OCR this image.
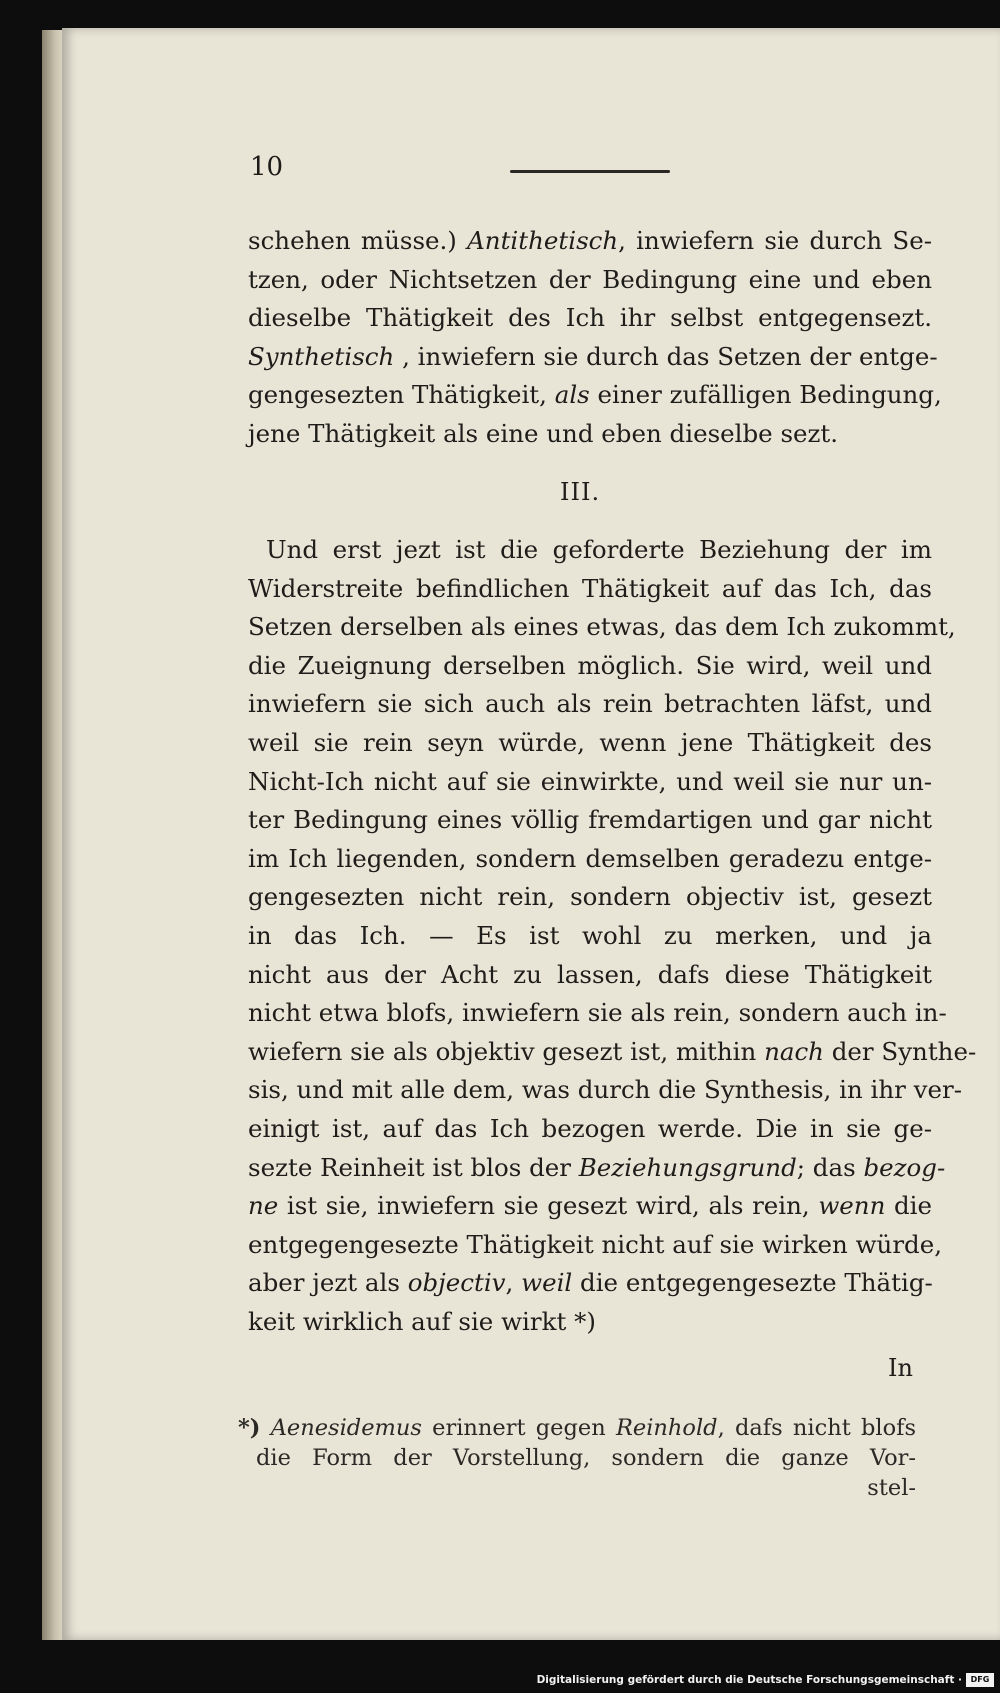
10
schehen müsse.) Antithetisch, inwiefern sie durch Se-
tzen, oder Nichtsetzen der Bedingung eine und eben
dieselbe Thätigkeit des Ich ihr selbst entgegensezt.
Synthetisch , inwiefern sie durch das Setzen der entge-
gengesezten Thätigkeit, als einer zufälligen Bedingung,
jene Thätigkeit als eine und eben dieselbe sezt.
III.
Und erst jezt ist die geforderte Beziehung der im
Widerstreite befindlichen Thätigkeit auf das Ich, das
Setzen derselben als eines etwas, das dem Ich zukommt,
die Zueignung derselben möglich. Sie wird, weil und
inwiefern sie sich auch als rein betrachten läfst, und
weil sie rein seyn würde, wenn jene Thätigkeit des
Nicht-Ich nicht auf sie einwirkte, und weil sie nur un-
ter Bedingung eines völlig fremdartigen und gar nicht
im Ich liegenden, sondern demselben geradezu entge-
gengesezten nicht rein, sondern objectiv ist, gesezt
in das Ich. — Es ist wohl zu merken, und ja
nicht aus der Acht zu lassen, dafs diese Thätigkeit
nicht etwa blofs, inwiefern sie als rein, sondern auch in-
wiefern sie als objektiv gesezt ist, mithin nach der Synthe-
sis, und mit alle dem, was durch die Synthesis, in ihr ver-
einigt ist, auf das Ich bezogen werde. Die in sie ge-
sezte Reinheit ist blos der Beziehungsgrund; das bezog-
ne ist sie, inwiefern sie gesezt wird, als rein, wenn die
entgegengesezte Thätigkeit nicht auf sie wirken würde,
aber jezt als objectiv, weil die entgegengesezte Thätig-
keit wirklich auf sie wirkt *)
In
*) Aenesidemus erinnert gegen Reinhold, dafs nicht blofs
die Form der Vorstellung, sondern die ganze Vor-
stel-
Digitalisierung gefördert durch die Deutsche Forschungsgemeinschaft ·	DFG
